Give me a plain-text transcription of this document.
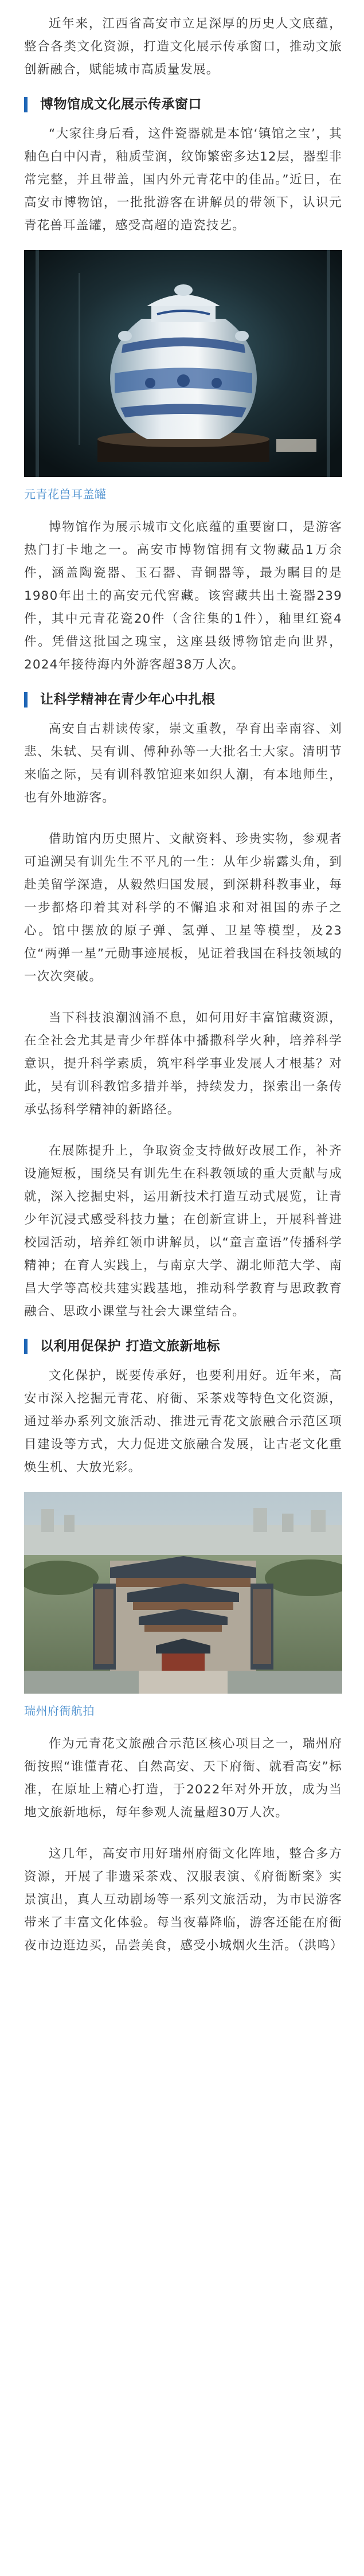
近年来，江西省高安市立足深厚的历史人文底蕴，整合各类文化资源，打造文化展示传承窗口，推动文旅创新融合，赋能城市高质量发展。

博物馆成文化展示传承窗口

“大家往身后看，这件瓷器就是本馆‘镇馆之宝’，其釉色白中闪青，釉质莹润，纹饰繁密多达12层，器型非常完整，并且带盖，国内外元青花中的佳品。”近日，在高安市博物馆，一批批游客在讲解员的带领下，认识元青花兽耳盖罐，感受高超的造瓷技艺。

元青花兽耳盖罐

博物馆作为展示城市文化底蕴的重要窗口，是游客热门打卡地之一。高安市博物馆拥有文物藏品1万余件，涵盖陶瓷器、玉石器、青铜器等，最为瞩目的是1980年出土的高安元代窖藏。该窖藏共出土瓷器239件，其中元青花瓷20件（含往集的1件），釉里红瓷4件。凭借这批国之瑰宝，这座县级博物馆走向世界，2024年接待海内外游客超38万人次。

让科学精神在青少年心中扎根

高安自古耕读传家，崇文重教，孕育出幸南容、刘悲、朱轼、吴有训、傅种孙等一大批名士大家。清明节来临之际，吴有训科教馆迎来如织人潮，有本地师生，也有外地游客。

借助馆内历史照片、文献资料、珍贵实物，参观者可追溯吴有训先生不平凡的一生：从年少崭露头角，到赴美留学深造，从毅然归国发展，到深耕科教事业，每一步都烙印着其对科学的不懈追求和对祖国的赤子之心。馆中摆放的原子弹、氢弹、卫星等模型，及23位“两弹一星”元勋事迹展板，见证着我国在科技领域的一次次突破。

当下科技浪潮汹涌不息，如何用好丰富馆藏资源，在全社会尤其是青少年群体中播撒科学火种，培养科学意识，提升科学素质，筑牢科学事业发展人才根基？对此，吴有训科教馆多措并举，持续发力，探索出一条传承弘扬科学精神的新路径。

在展陈提升上，争取资金支持做好改展工作，补齐设施短板，围绕吴有训先生在科教领域的重大贡献与成就，深入挖掘史料，运用新技术打造互动式展览，让青少年沉浸式感受科技力量；在创新宣讲上，开展科普进校园活动，培养红领巾讲解员，以“童言童语”传播科学精神；在育人实践上，与南京大学、湖北师范大学、南昌大学等高校共建实践基地，推动科学教育与思政教育融合、思政小课堂与社会大课堂结合。

以利用促保护 打造文旅新地标

文化保护，既要传承好，也要利用好。近年来，高安市深入挖掘元青花、府衙、采茶戏等特色文化资源，通过举办系列文旅活动、推进元青花文旅融合示范区项目建设等方式，大力促进文旅融合发展，让古老文化重焕生机、大放光彩。

瑞州府衙航拍

作为元青花文旅融合示范区核心项目之一，瑞州府衙按照“谁懂青花、自然高安、天下府衙、就看高安”标准，在原址上精心打造，于2022年对外开放，成为当地文旅新地标，每年参观人流量超30万人次。

这几年，高安市用好瑞州府衙文化阵地，整合多方资源，开展了非遗采茶戏、汉服表演、《府衙断案》实景演出，真人互动剧场等一系列文旅活动，为市民游客带来了丰富文化体验。每当夜幕降临，游客还能在府衙夜市边逛边买，品尝美食，感受小城烟火生活。（洪鸣）
